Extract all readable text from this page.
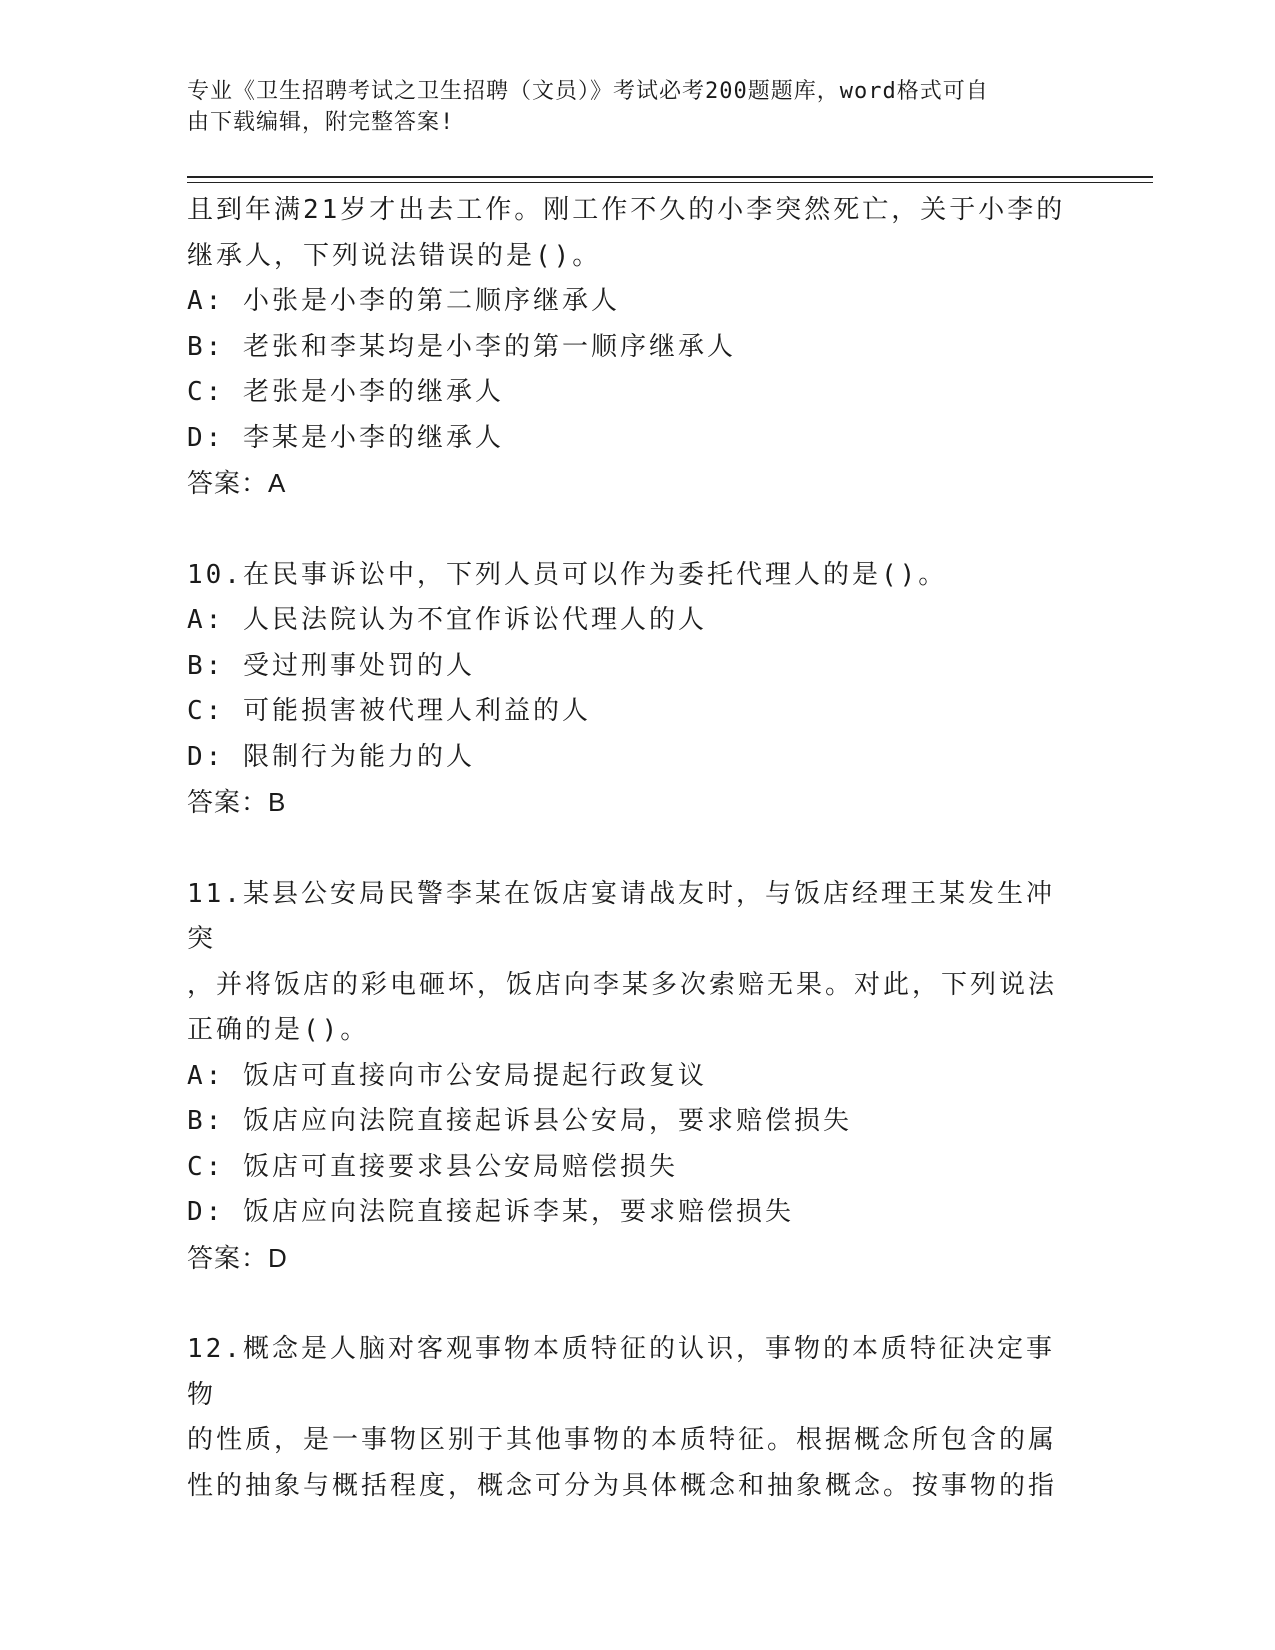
专业《卫生招聘考试之卫生招聘（文员）》考试必考200题题库，word格式可自
由下载编辑，附完整答案!

且到年满21岁才出去工作。刚工作不久的小李突然死亡，关于小李的

继承人，下列说法错误的是()。

A: 小张是小李的第二顺序继承人

B: 老张和李某均是小李的第一顺序继承人

C: 老张是小李的继承人

D: 李某是小李的继承人

答案：A

10.在民事诉讼中，下列人员可以作为委托代理人的是()。

A: 人民法院认为不宜作诉讼代理人的人

B: 受过刑事处罚的人

C: 可能损害被代理人利益的人

D: 限制行为能力的人

答案：B

11.某县公安局民警李某在饭店宴请战友时，与饭店经理王某发生冲突

，并将饭店的彩电砸坏，饭店向李某多次索赔无果。对此，下列说法

正确的是()。

A: 饭店可直接向市公安局提起行政复议

B: 饭店应向法院直接起诉县公安局，要求赔偿损失

C: 饭店可直接要求县公安局赔偿损失

D: 饭店应向法院直接起诉李某，要求赔偿损失

答案：D

12.概念是人脑对客观事物本质特征的认识，事物的本质特征决定事物

的性质，是一事物区别于其他事物的本质特征。根据概念所包含的属

性的抽象与概括程度，概念可分为具体概念和抽象概念。按事物的指
